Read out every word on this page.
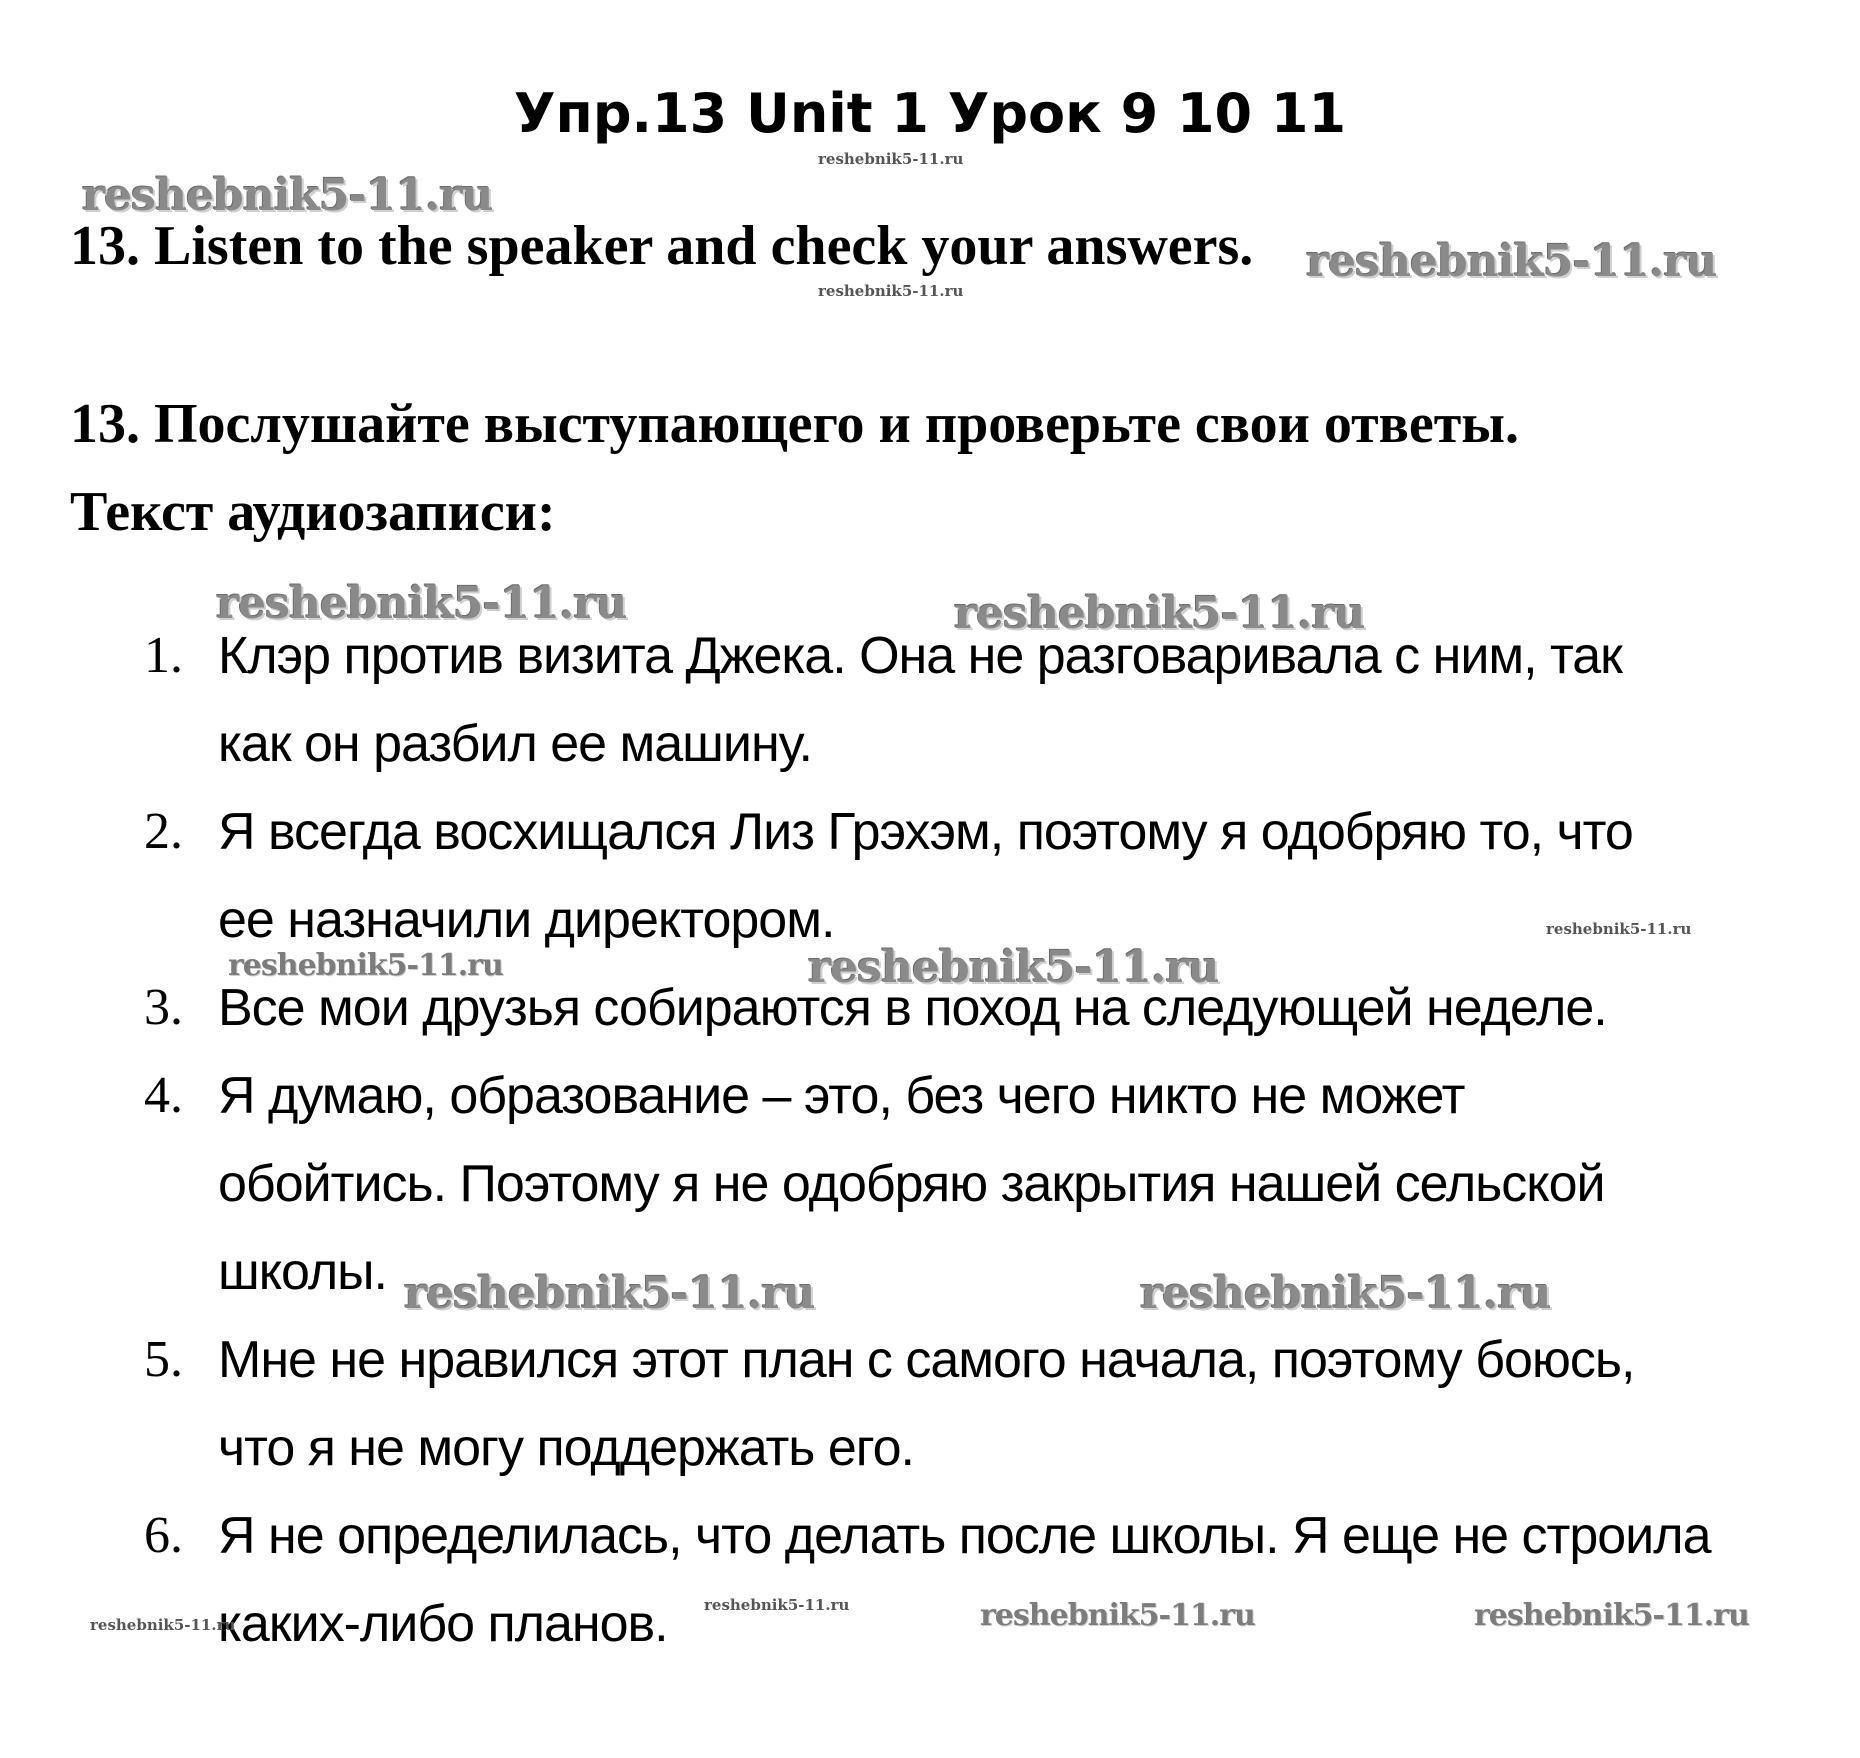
Упр.13 Unit 1 Урок 9 10 11
13. Listen to the speaker and check your answers.
13. Послушайте выступающего и проверьте свои ответы.
Текст аудиозаписи:
1. Клэр против визита Джека. Она не разговаривала с ним, так
как он разбил ее машину.
2. Я всегда восхищался Лиз Грэхэм, поэтому я одобряю то, что
ее назначили директором.
3. Все мои друзья собираются в поход на следующей неделе.
4. Я думаю, образование – это, без чего никто не может
обойтись. Поэтому я не одобряю закрытия нашей сельской
школы.
5. Мне не нравился этот план с самого начала, поэтому боюсь,
что я не могу поддержать его.
6. Я не определилась, что делать после школы. Я еще не строила
каких-либо планов.
reshebnik5-11.ru
reshebnik5-11.ru
reshebnik5-11.ru
reshebnik5-11.ru
reshebnik5-11.ru	reshebnik5-11.ru
reshebnik5-11.ru	reshebnik5-11.ru
reshebnik5-11.ru
reshebnik5-11.ru	reshebnik5-11.ru
reshebnik5-11.ru
reshebnik5-11.ru	reshebnik5-11.ru	reshebnik5-11.ru
